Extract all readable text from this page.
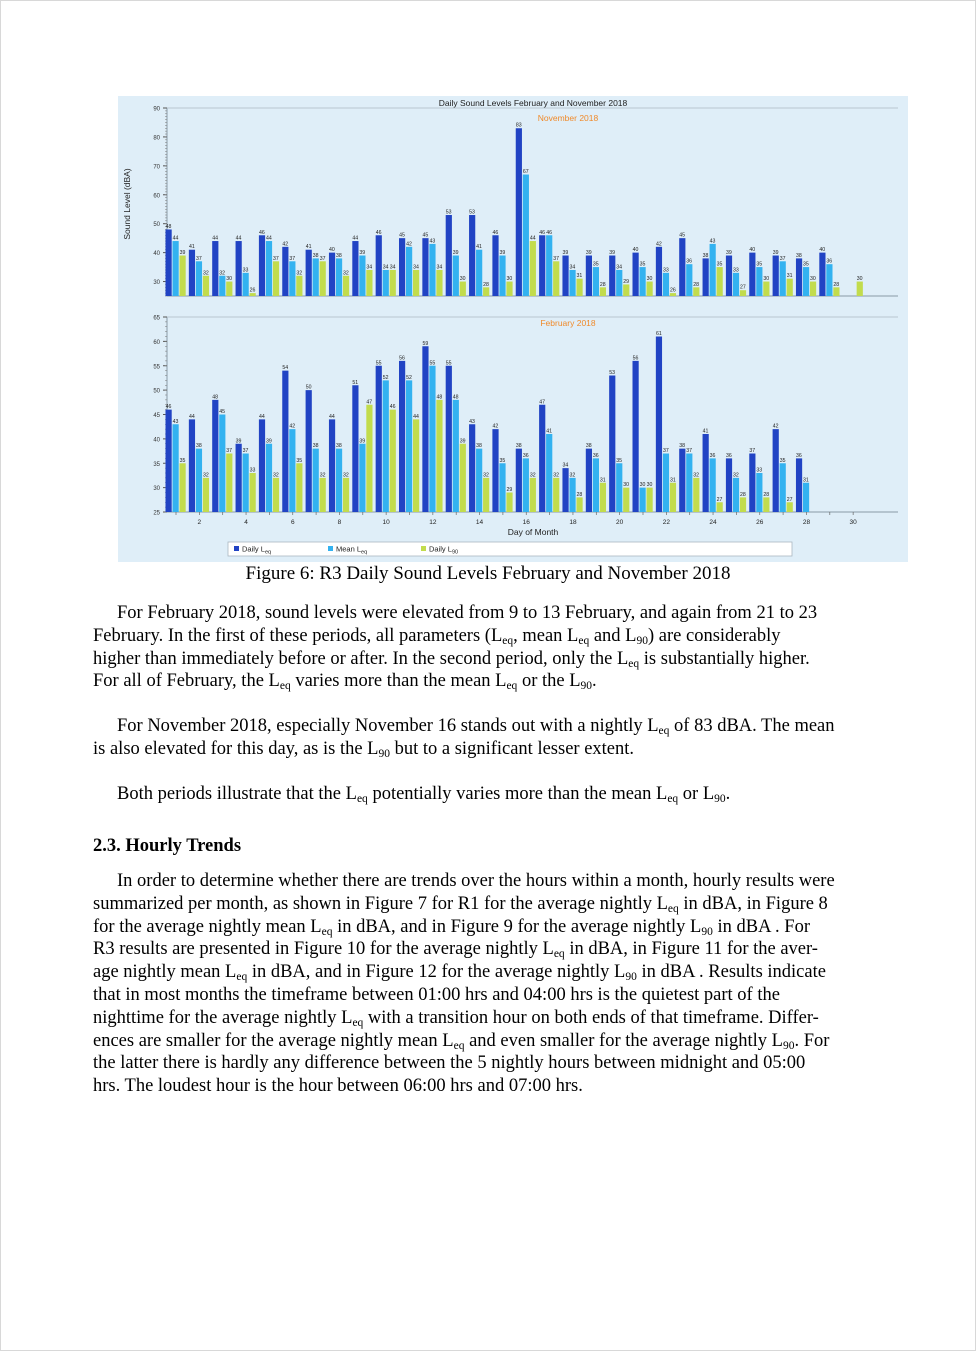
30
40
50
60
70
80
90
November 2018
48
44
39
41
37
32
44
32
30
44
33
26
46
44
37
42
37
32
41
38 37
40
38
32
44
39
34
46
34 34
45
42
34
45
43
34
53
39
30
53
41
28
46
39
30
83
67
44
46 46
37
39
34
31
39
35
28
39
34
29
40
35
30
42
33
26
45
36
28
38
43
35
39
33
27
40
35
30
39
37
31
38
35
30
40
36
28
30
25
30
35
40
45
50
55
60
65	February 2018
46
43
35
44
38
32
48
45
37
39
37
33
44
39
32
54
42
35
50
38
32
44
38
32
51
39
47
55
52
46
56
52
44
59
55
48
55
48
39
43
38
32
42
35
29
38
36
32
47
41
32
34
32
28
38
36
31
53
35
30
56
30 30
61
37
31
38
37
32
41
36
27
36
32
28
37
33
28
42
35
27
36
31
2	4	6	8	10	12	14	16	18	20	22	24	26	28	30
Day of Month
Daily Sound Levels February and November 2018
Sound Level (dBA)
Daily $L_{eq}$	Mean $L_{eq}$	Daily $L_{90}$
Figure 6: R3 Daily Sound Levels February and November 2018

For February 2018, sound levels were elevated from 9 to 13 February, and again from 21 to 23
February. In the first of these periods, all parameters ($L_{eq}$, mean $L_{eq}$ and $L_{90}$) are considerably
higher than immediately before or after. In the second period, only the $L_{eq}$ is substantially higher.
For all of February, the $L_{eq}$ varies more than the mean $L_{eq}$ or the $L_{90}$.

For November 2018, especially November 16 stands out with a nightly $L_{eq}$ of 83 dBA. The mean
is also elevated for this day, as is the $L_{90}$ but to a significant lesser extent.

Both periods illustrate that the $L_{eq}$ potentially varies more than the mean $L_{eq}$ or $L_{90}$.

2.3. Hourly Trends

In order to determine whether there are trends over the hours within a month, hourly results were
summarized per month, as shown in Figure 7 for R1 for the average nightly $L_{eq}$ in dBA, in Figure 8
for the average nightly mean $L_{eq}$ in dBA, and in Figure 9 for the average nightly $L_{90}$ in dBA . For
R3 results are presented in Figure 10 for the average nightly $L_{eq}$ in dBA, in Figure 11 for the aver-
age nightly mean $L_{eq}$ in dBA, and in Figure 12 for the average nightly $L_{90}$ in dBA . Results indicate
that in most months the timeframe between 01:00 hrs and 04:00 hrs is the quietest part of the
nighttime for the average nightly $L_{eq}$ with a transition hour on both ends of that timeframe. Differ-
ences are smaller for the average nightly mean $L_{eq}$ and even smaller for the average nightly $L_{90}$. For
the latter there is hardly any difference between the 5 nightly hours between midnight and 05:00
hrs. The loudest hour is the hour between 06:00 hrs and 07:00 hrs.
